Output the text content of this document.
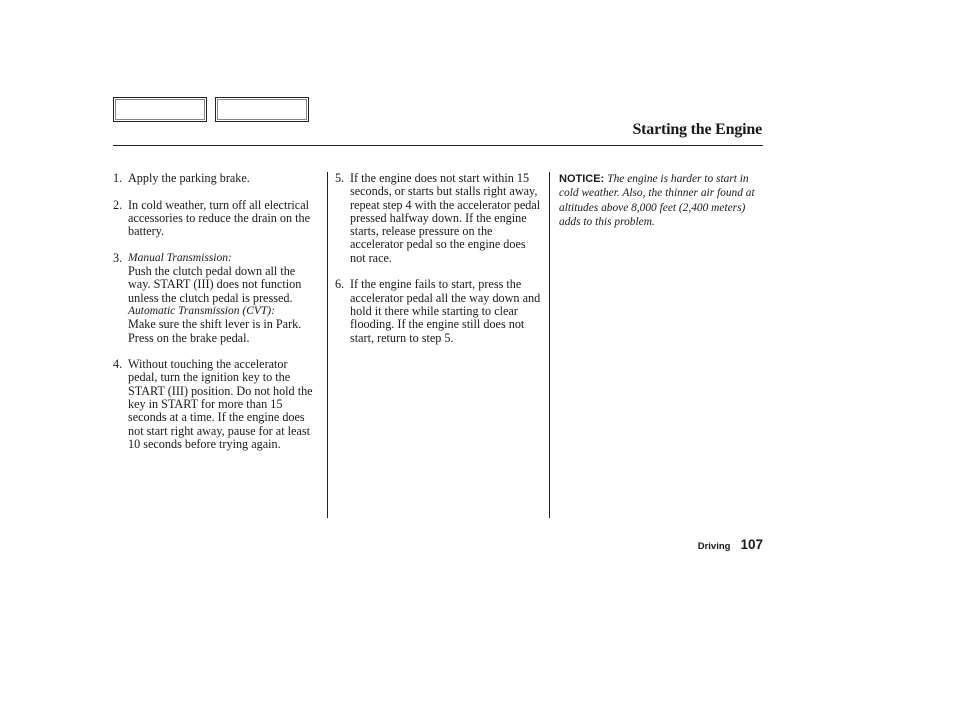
Starting the Engine
1. Apply the parking brake.
2. In cold weather, turn off all electrical accessories to reduce the drain on the battery.
3. Manual Transmission:
Push the clutch pedal down all the way. START (III) does not function unless the clutch pedal is pressed.
Automatic Transmission (CVT):
Make sure the shift lever is in Park. Press on the brake pedal.
4. Without touching the accelerator pedal, turn the ignition key to the START (III) position. Do not hold the key in START for more than 15 seconds at a time. If the engine does not start right away, pause for at least 10 seconds before trying again.
5. If the engine does not start within 15 seconds, or starts but stalls right away, repeat step 4 with the accelerator pedal pressed halfway down. If the engine starts, release pressure on the accelerator pedal so the engine does not race.
6. If the engine fails to start, press the accelerator pedal all the way down and hold it there while starting to clear flooding. If the engine still does not start, return to step 5.
NOTICE: The engine is harder to start in cold weather. Also, the thinner air found at altitudes above 8,000 feet (2,400 meters) adds to this problem.
Driving 107
